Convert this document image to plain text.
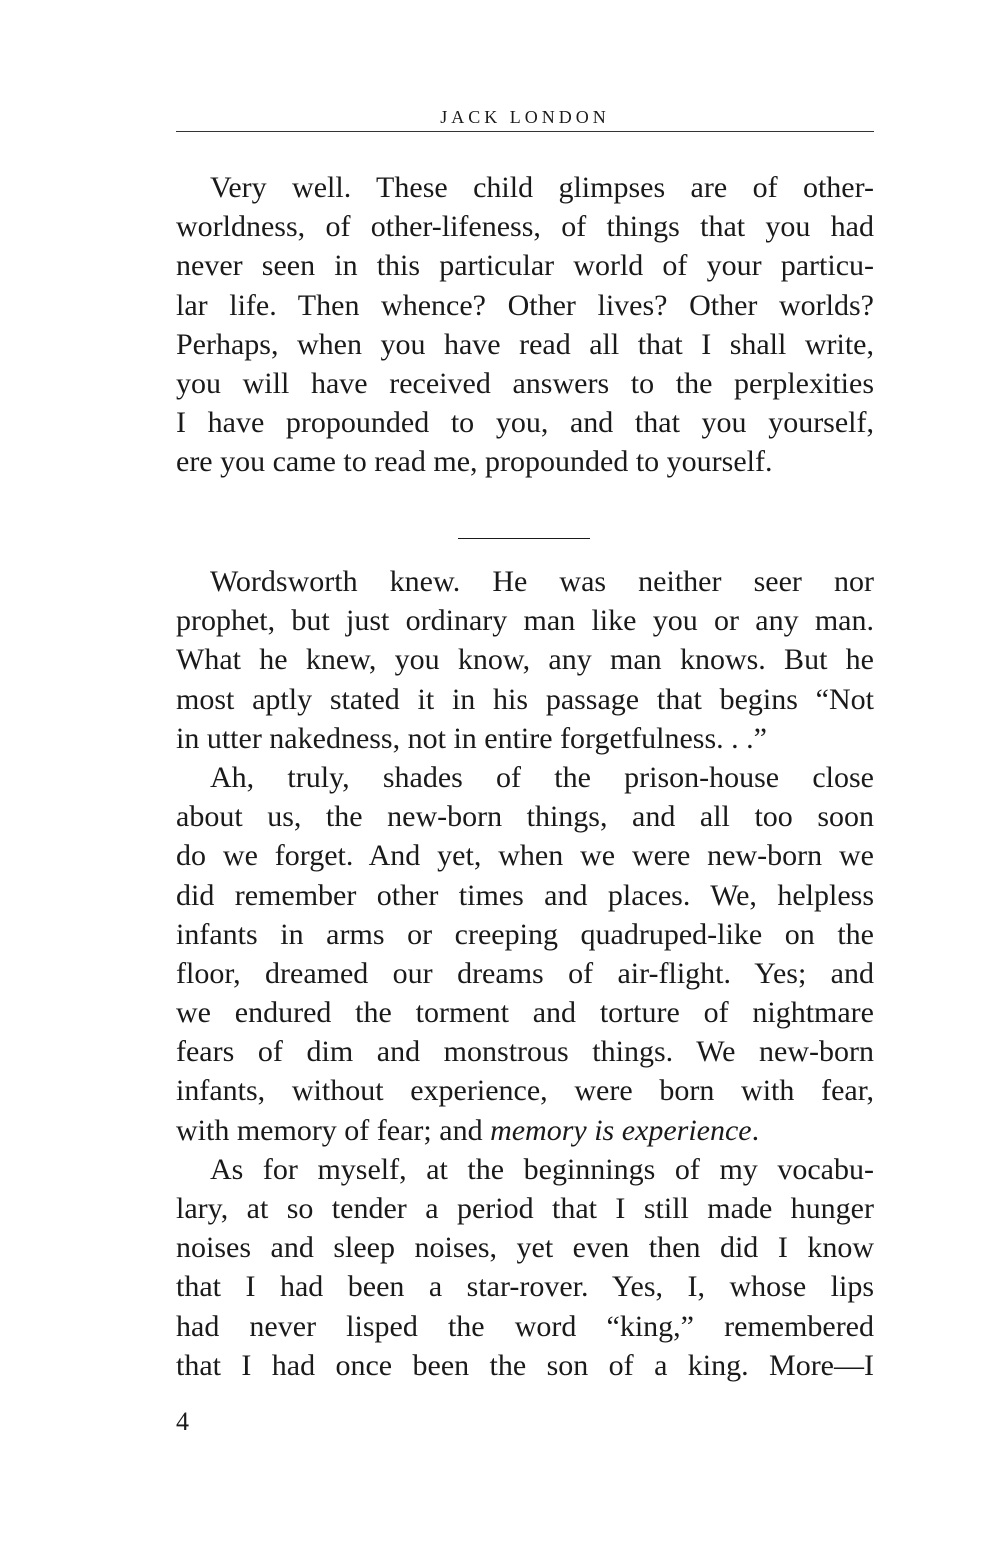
JACK LONDON
Very well. These child glimpses are of other-
worldness, of other-lifeness, of things that you had
never seen in this particular world of your particu-
lar life. Then whence? Other lives? Other worlds?
Perhaps, when you have read all that I shall write,
you will have received answers to the perplexities
I have propounded to you, and that you yourself,
ere you came to read me, propounded to yourself.
Wordsworth knew. He was neither seer nor
prophet, but just ordinary man like you or any man.
What he knew, you know, any man knows. But he
most aptly stated it in his passage that begins “Not
in utter nakedness, not in entire forgetfulness. . .”
Ah, truly, shades of the prison-house close
about us, the new-born things, and all too soon
do we forget. And yet, when we were new-born we
did remember other times and places. We, helpless
infants in arms or creeping quadruped-like on the
floor, dreamed our dreams of air-flight. Yes; and
we endured the torment and torture of nightmare
fears of dim and monstrous things. We new-born
infants, without experience, were born with fear,
with memory of fear; and memory is experience.
As for myself, at the beginnings of my vocabu-
lary, at so tender a period that I still made hunger
noises and sleep noises, yet even then did I know
that I had been a star-rover. Yes, I, whose lips
had never lisped the word “king,” remembered
that I had once been the son of a king. More—I
4
